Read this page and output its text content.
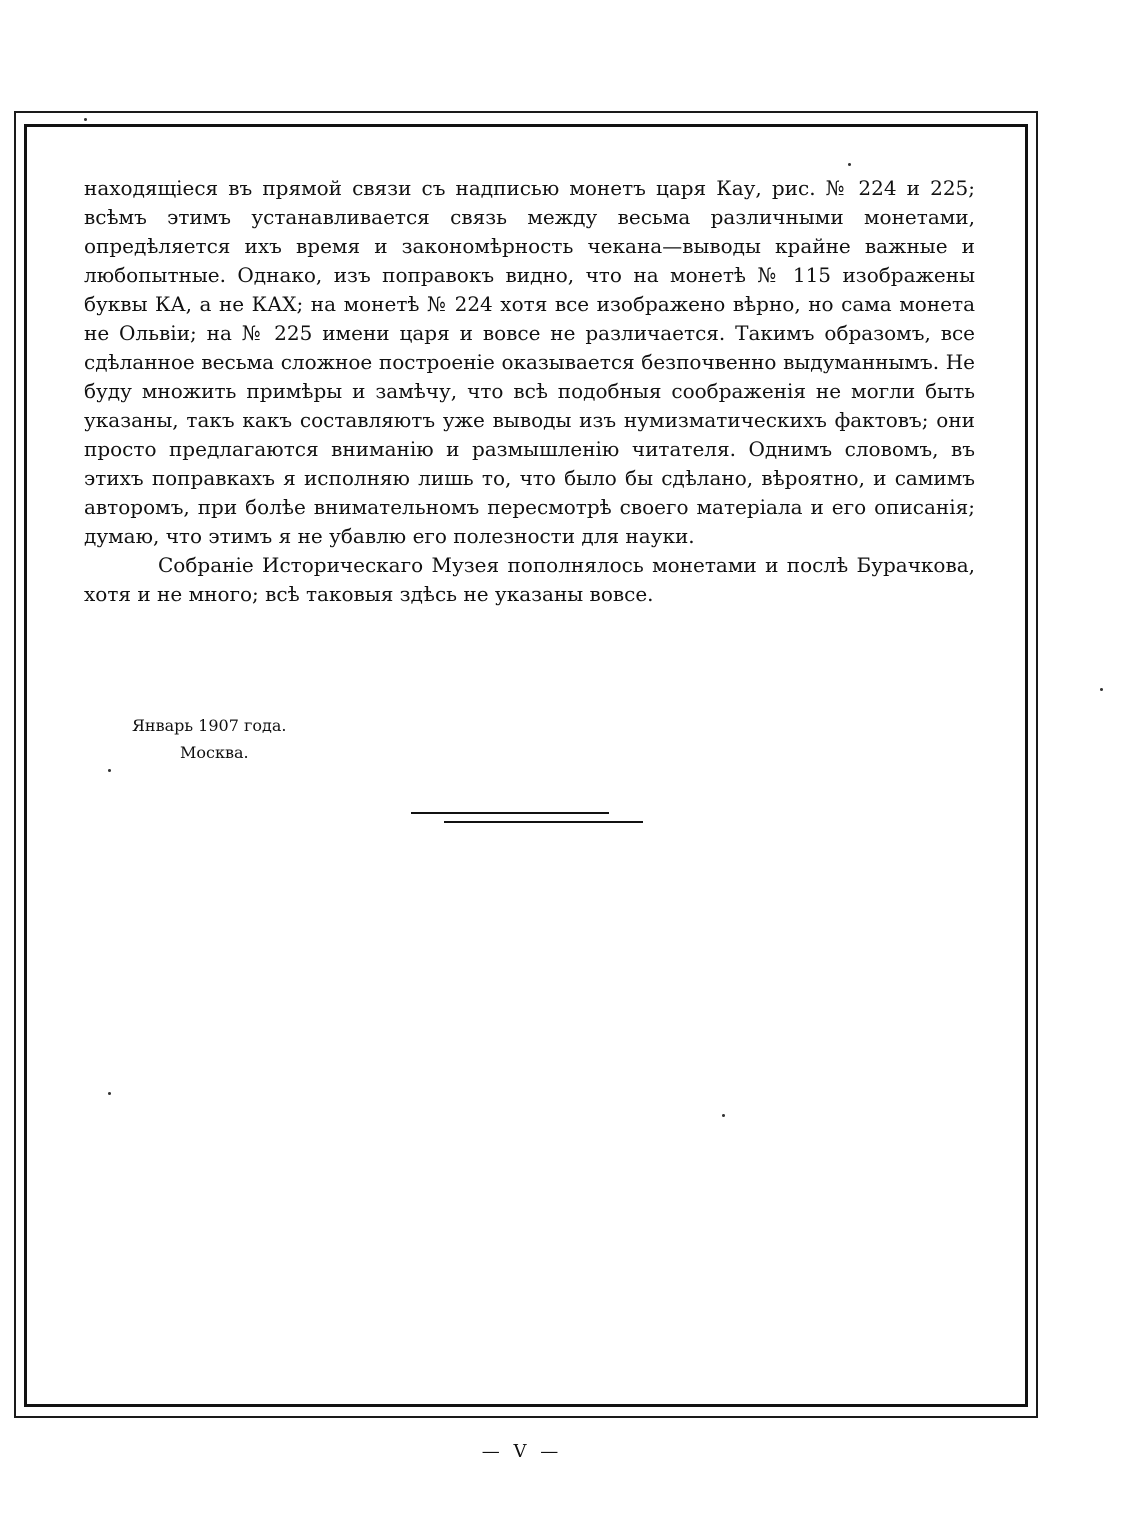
находящіеся въ прямой связи съ надписью монетъ царя Кау, рис. № 224 и 225; всѣмъ этимъ устанавливается связь между весьма различными монетами, опредѣляется ихъ время и закономѣрность чекана—выводы крайне важные и любопытные. Однако, изъ поправокъ видно, что на монетѣ № 115 изображены буквы КА, а не КАХ; на монетѣ № 224 хотя все изображено вѣрно, но сама монета не Ольвіи; на № 225 имени царя и вовсе не различается. Такимъ образомъ, все сдѣланное весьма сложное построеніе оказывается безпочвенно выдуманнымъ. Не буду множить примѣры и замѣчу, что всѣ подобныя соображенія не могли быть указаны, такъ какъ составляютъ уже выводы изъ нумизматическихъ фактовъ; они просто предлагаются вниманію и размышленію читателя. Однимъ словомъ, въ этихъ поправкахъ я исполняю лишь то, что было бы сдѣлано, вѣроятно, и самимъ авторомъ, при болѣе внимательномъ пересмотрѣ своего матеріала и его описанія; думаю, что этимъ я не убавлю его полезности для науки.

Собраніе Историческаго Музея пополнялось монетами и послѣ Бурачкова, хотя и не много; всѣ таковыя здѣсь не указаны вовсе.

Январь 1907 года.
Москва.
— V —
